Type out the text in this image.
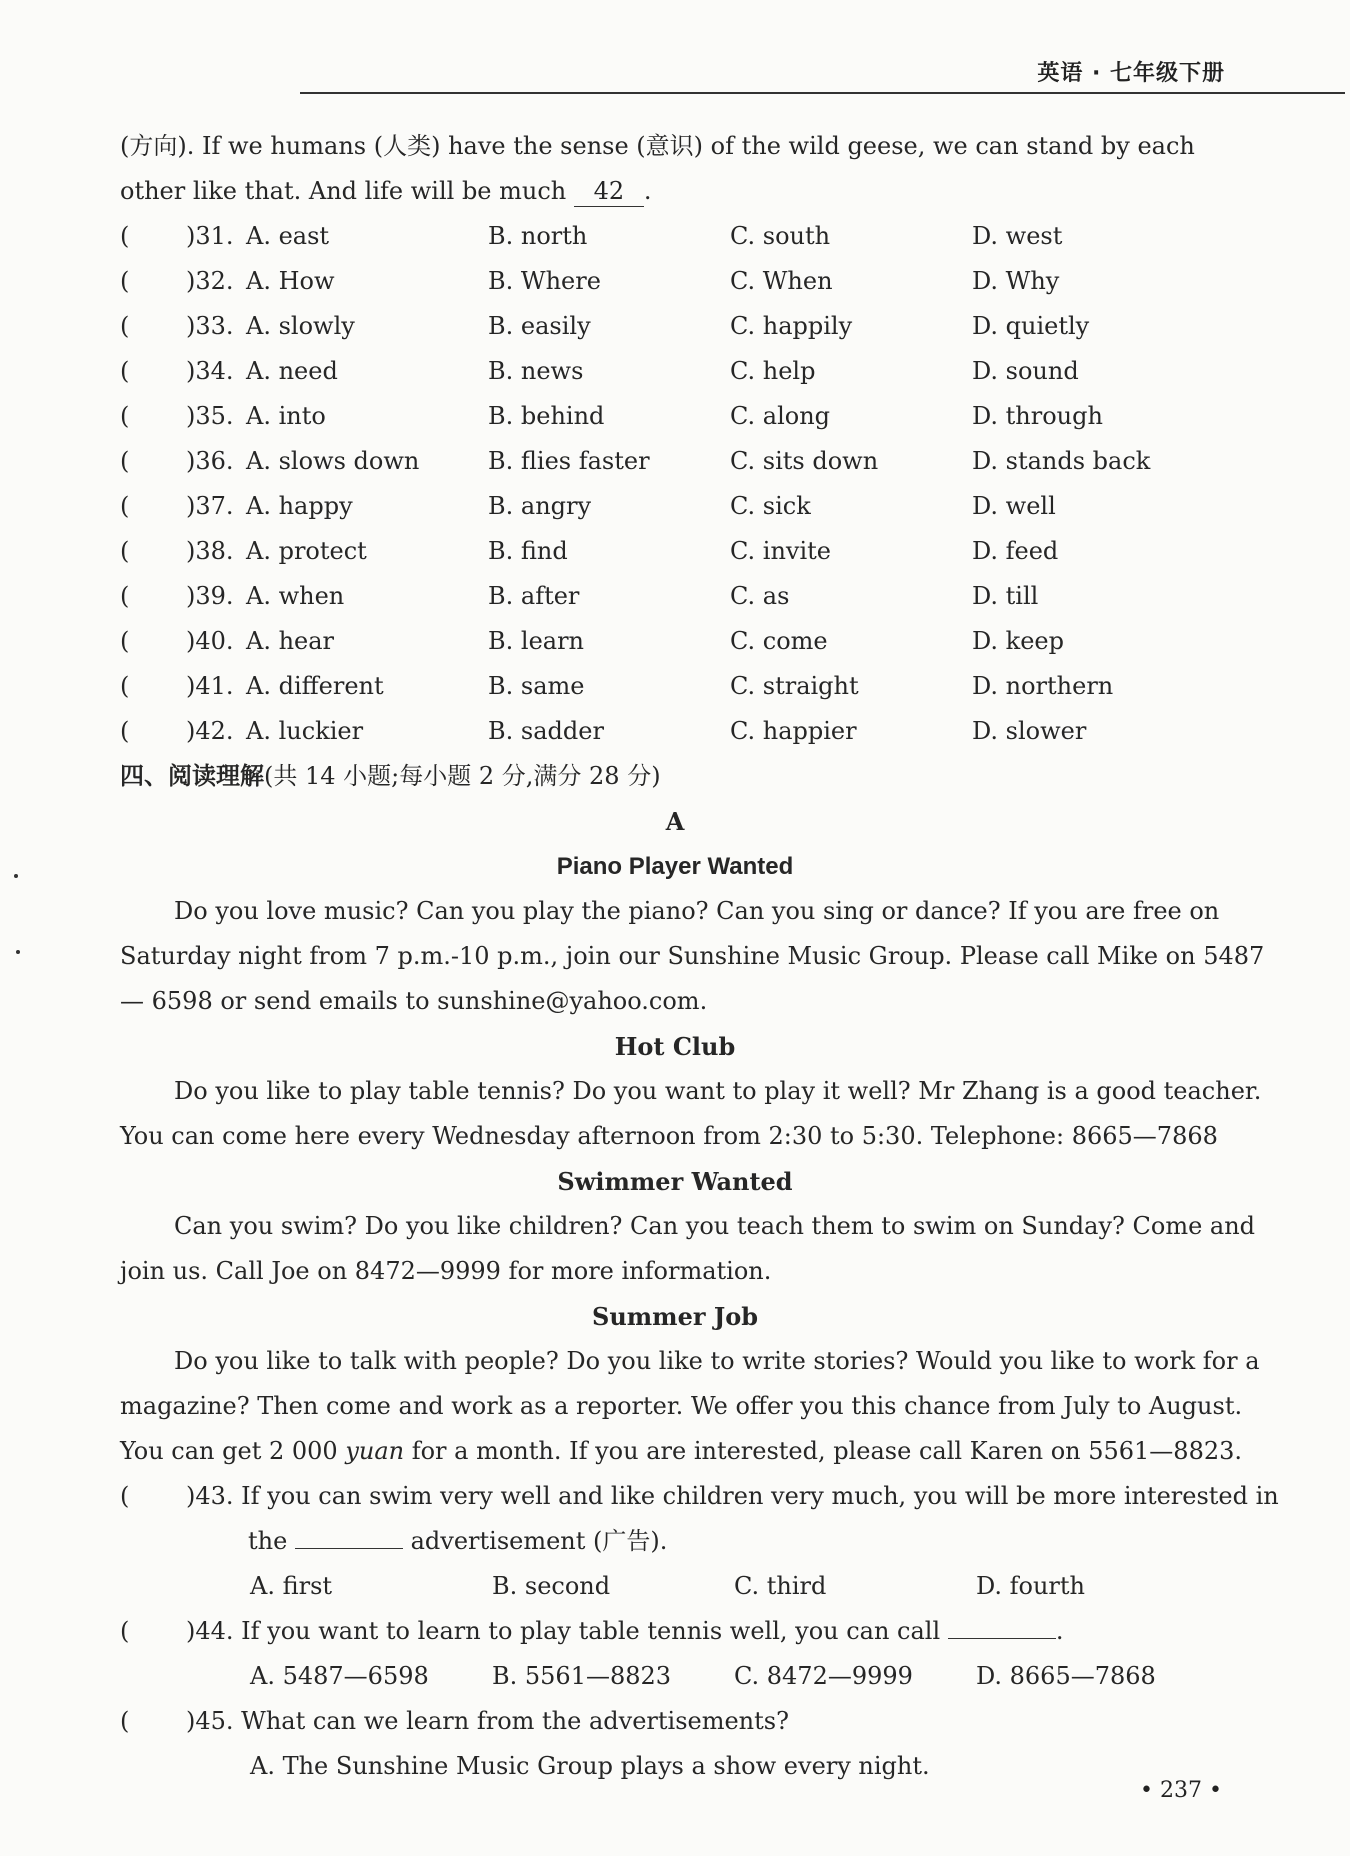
英语 · 七年级下册
(方向). If we humans (人类) have the sense (意识) of the wild geese, we can stand by each
other like that. And life will be much 42 .
( )31. A. east	B. north	C. south	D. west
( )32. A. How	B. Where	C. When	D. Why
( )33. A. slowly	B. easily	C. happily	D. quietly
( )34. A. need	B. news	C. help	D. sound
( )35. A. into	B. behind	C. along	D. through
( )36. A. slows down	B. flies faster	C. sits down	D. stands back
( )37. A. happy	B. angry	C. sick	D. well
( )38. A. protect	B. find	C. invite	D. feed
( )39. A. when	B. after	C. as	D. till
( )40. A. hear	B. learn	C. come	D. keep
( )41. A. different	B. same	C. straight	D. northern
( )42. A. luckier	B. sadder	C. happier	D. slower
四、阅读理解(共 14 小题;每小题 2 分,满分 28 分)
A
Piano Player Wanted
Do you love music? Can you play the piano? Can you sing or dance? If you are free on
Saturday night from 7 p.m.-10 p.m., join our Sunshine Music Group. Please call Mike on 5487
— 6598 or send emails to sunshine@yahoo.com.
Hot Club
Do you like to play table tennis? Do you want to play it well? Mr Zhang is a good teacher.
You can come here every Wednesday afternoon from 2:30 to 5:30. Telephone: 8665—7868
Swimmer Wanted
Can you swim? Do you like children? Can you teach them to swim on Sunday? Come and
join us. Call Joe on 8472—9999 for more information.
Summer Job
Do you like to talk with people? Do you like to write stories? Would you like to work for a
magazine? Then come and work as a reporter. We offer you this chance from July to August.
You can get 2 000 yuan for a month. If you are interested, please call Karen on 5561—8823.
( )43. If you can swim very well and like children very much, you will be more interested in
the	advertisement (广告).
A. first	B. second	C. third	D. fourth
( )44. If you want to learn to play table tennis well, you can call	.
A. 5487—6598	B. 5561—8823	C. 8472—9999	D. 8665—7868
( )45. What can we learn from the advertisements?
A. The Sunshine Music Group plays a show every night.
• 237 •
